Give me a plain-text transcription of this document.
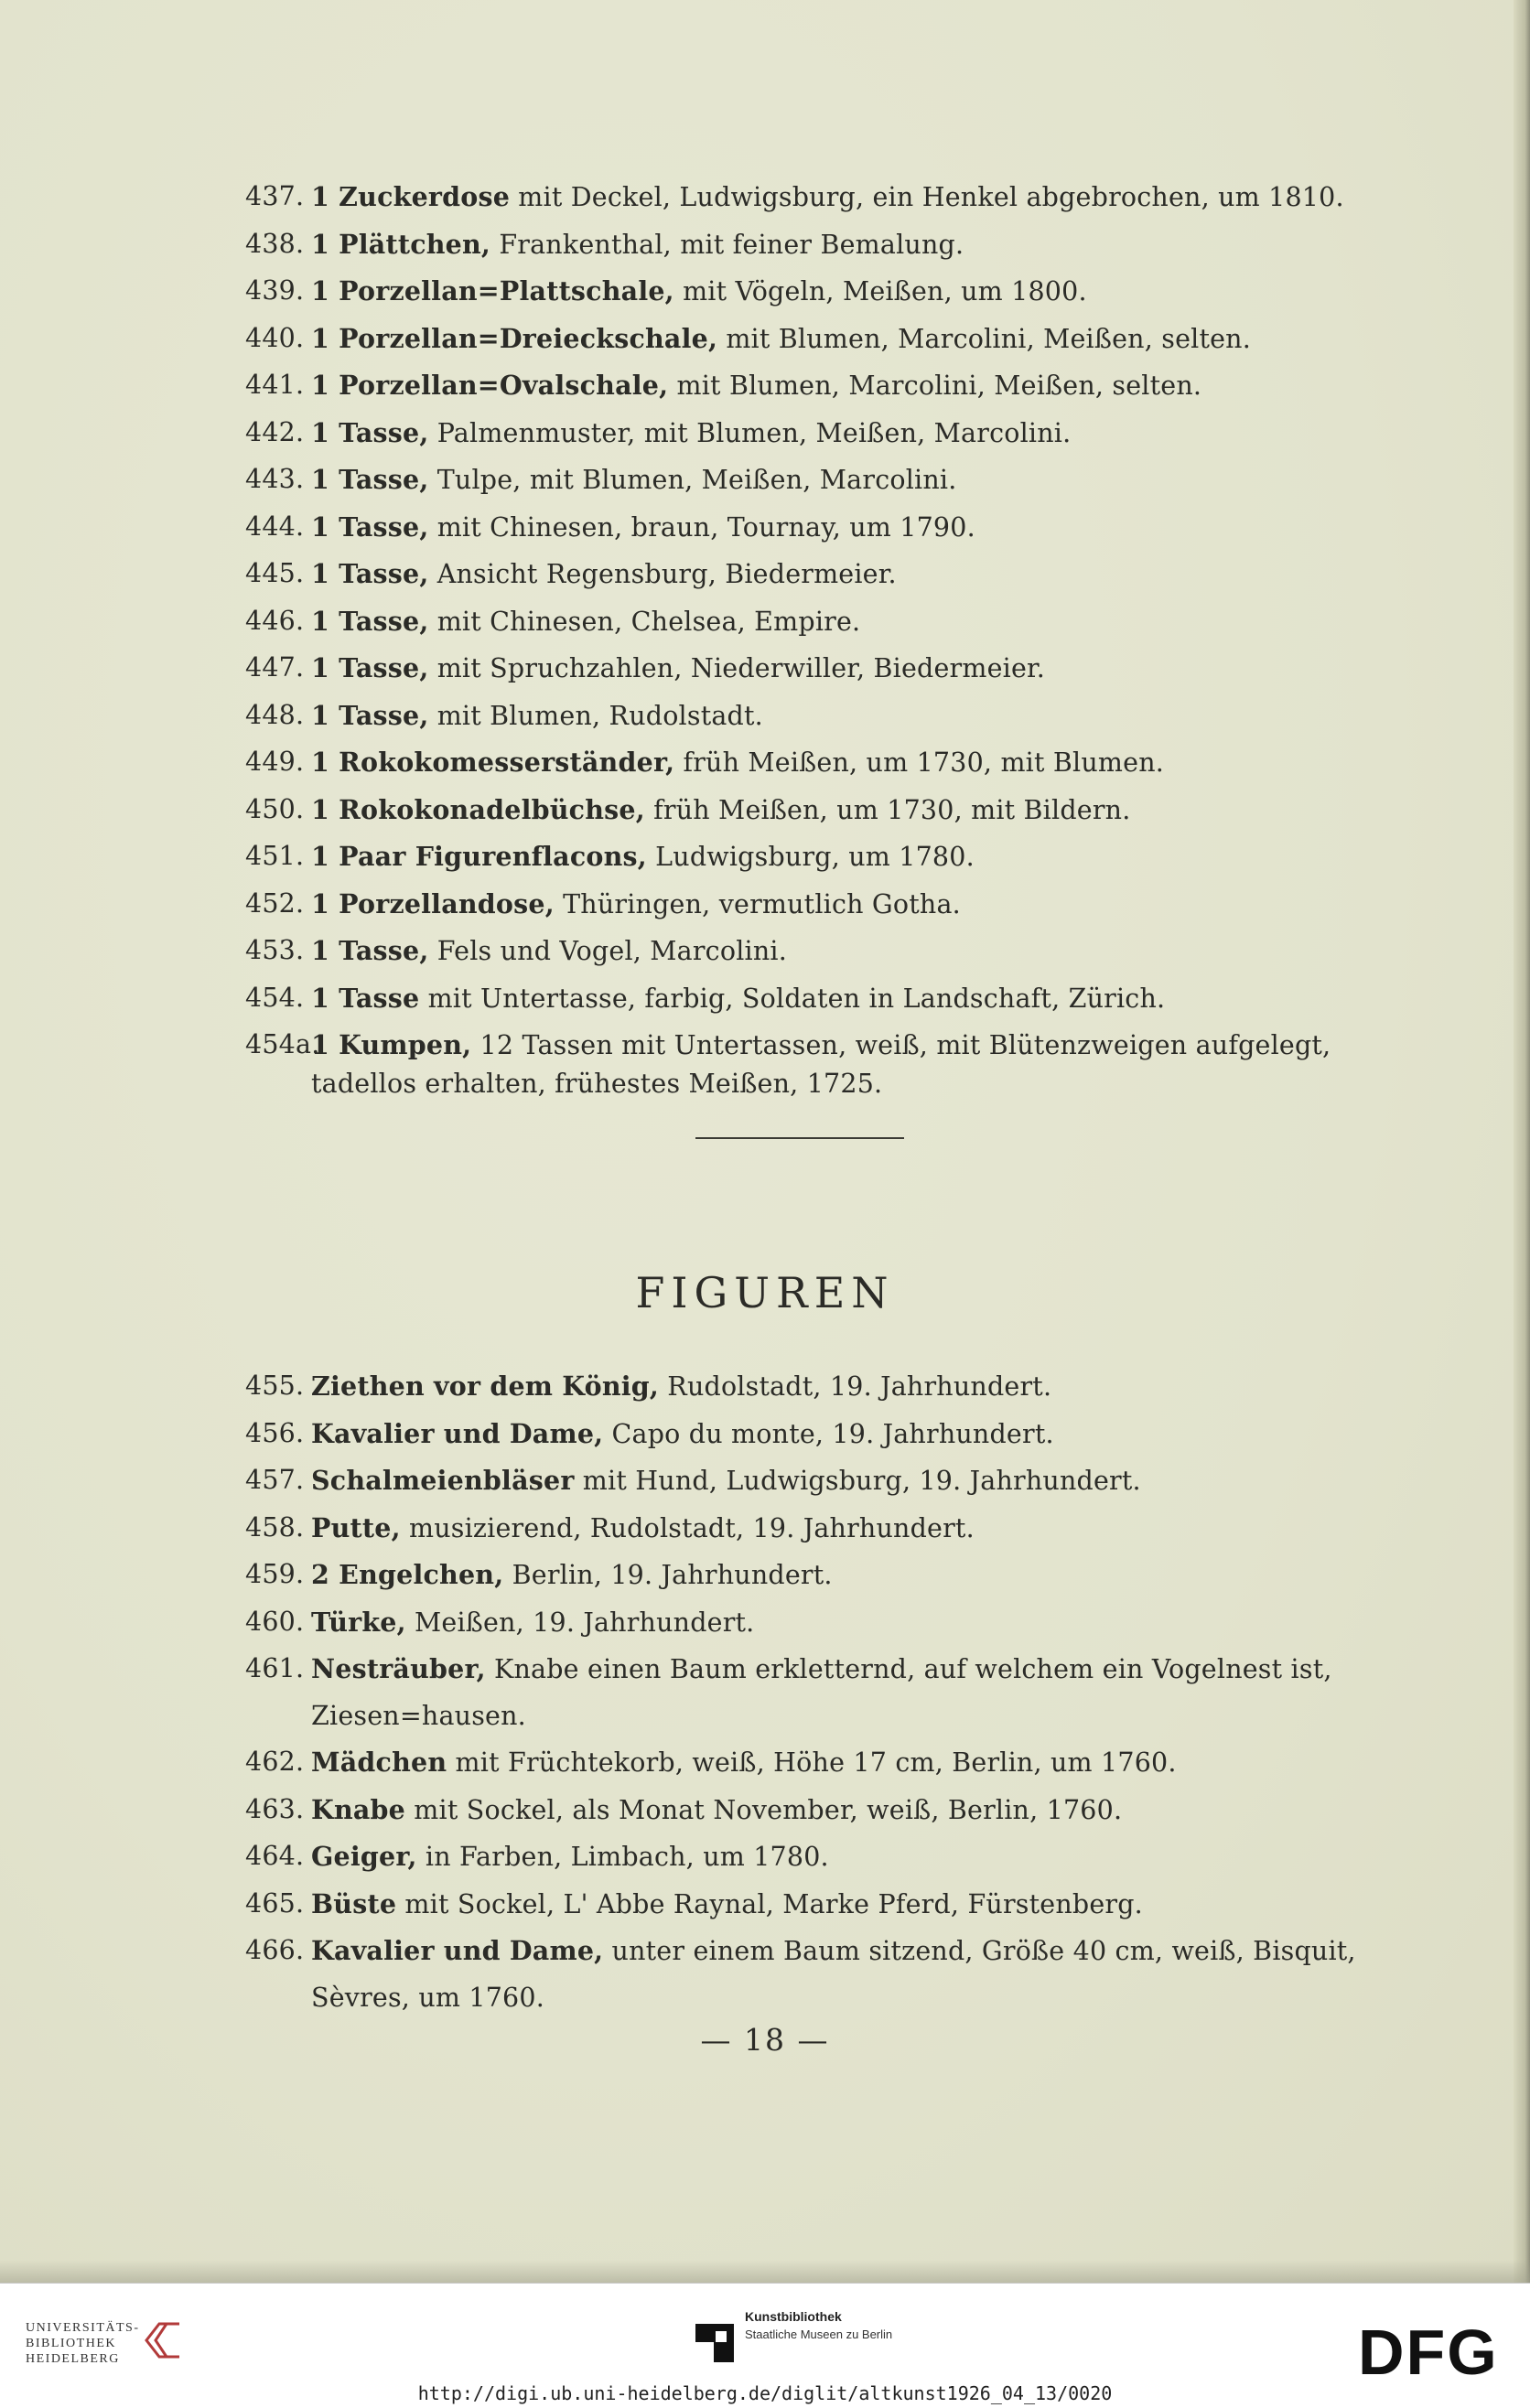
437. 1 Zuckerdose mit Deckel, Ludwigsburg, ein Henkel abgebrochen, um 1810.
438. 1 Plättchen, Frankenthal, mit feiner Bemalung.
439. 1 Porzellan=Plattschale, mit Vögeln, Meißen, um 1800.
440. 1 Porzellan=Dreieckschale, mit Blumen, Marcolini, Meißen, selten.
441. 1 Porzellan=Ovalschale, mit Blumen, Marcolini, Meißen, selten.
442. 1 Tasse, Palmenmuster, mit Blumen, Meißen, Marcolini.
443. 1 Tasse, Tulpe, mit Blumen, Meißen, Marcolini.
444. 1 Tasse, mit Chinesen, braun, Tournay, um 1790.
445. 1 Tasse, Ansicht Regensburg, Biedermeier.
446. 1 Tasse, mit Chinesen, Chelsea, Empire.
447. 1 Tasse, mit Spruchzahlen, Niederwiller, Biedermeier.
448. 1 Tasse, mit Blumen, Rudolstadt.
449. 1 Rokokomesserständer, früh Meißen, um 1730, mit Blumen.
450. 1 Rokokonadelbüchse, früh Meißen, um 1730, mit Bildern.
451. 1 Paar Figurenflacons, Ludwigsburg, um 1780.
452. 1 Porzellandose, Thüringen, vermutlich Gotha.
453. 1 Tasse, Fels und Vogel, Marcolini.
454. 1 Tasse mit Untertasse, farbig, Soldaten in Landschaft, Zürich.
454a.
1 Kumpen, 12 Tassen mit Untertassen, weiß, mit Blütenzweigen aufgelegt, tadellos erhalten, frühestes Meißen, 1725.
FIGUREN
455. Ziethen vor dem König, Rudolstadt, 19. Jahrhundert.
456. Kavalier und Dame, Capo du monte, 19. Jahrhundert.
457. Schalmeienbläser mit Hund, Ludwigsburg, 19. Jahrhundert.
458. Putte, musizierend, Rudolstadt, 19. Jahrhundert.
459. 2 Engelchen, Berlin, 19. Jahrhundert.
460. Türke, Meißen, 19. Jahrhundert.
461. Nesträuber, Knabe einen Baum erkletternd, auf welchem ein Vogelnest ist, Ziesen=hausen.
462. Mädchen mit Früchtekorb, weiß, Höhe 17 cm, Berlin, um 1760.
463. Knabe mit Sockel, als Monat November, weiß, Berlin, 1760.
464. Geiger, in Farben, Limbach, um 1780.
465. Büste mit Sockel, L' Abbe Raynal, Marke Pferd, Fürstenberg.
466. Kavalier und Dame, unter einem Baum sitzend, Größe 40 cm, weiß, Bisquit, Sèvres, um 1760.
— 18 —
UNIVERSITÄTS-
BIBLIOTHEK
HEIDELBERG
Kunstbibliothek
Staatliche Museen zu Berlin	DFG
http://digi.ub.uni-heidelberg.de/diglit/altkunst1926_04_13/0020
